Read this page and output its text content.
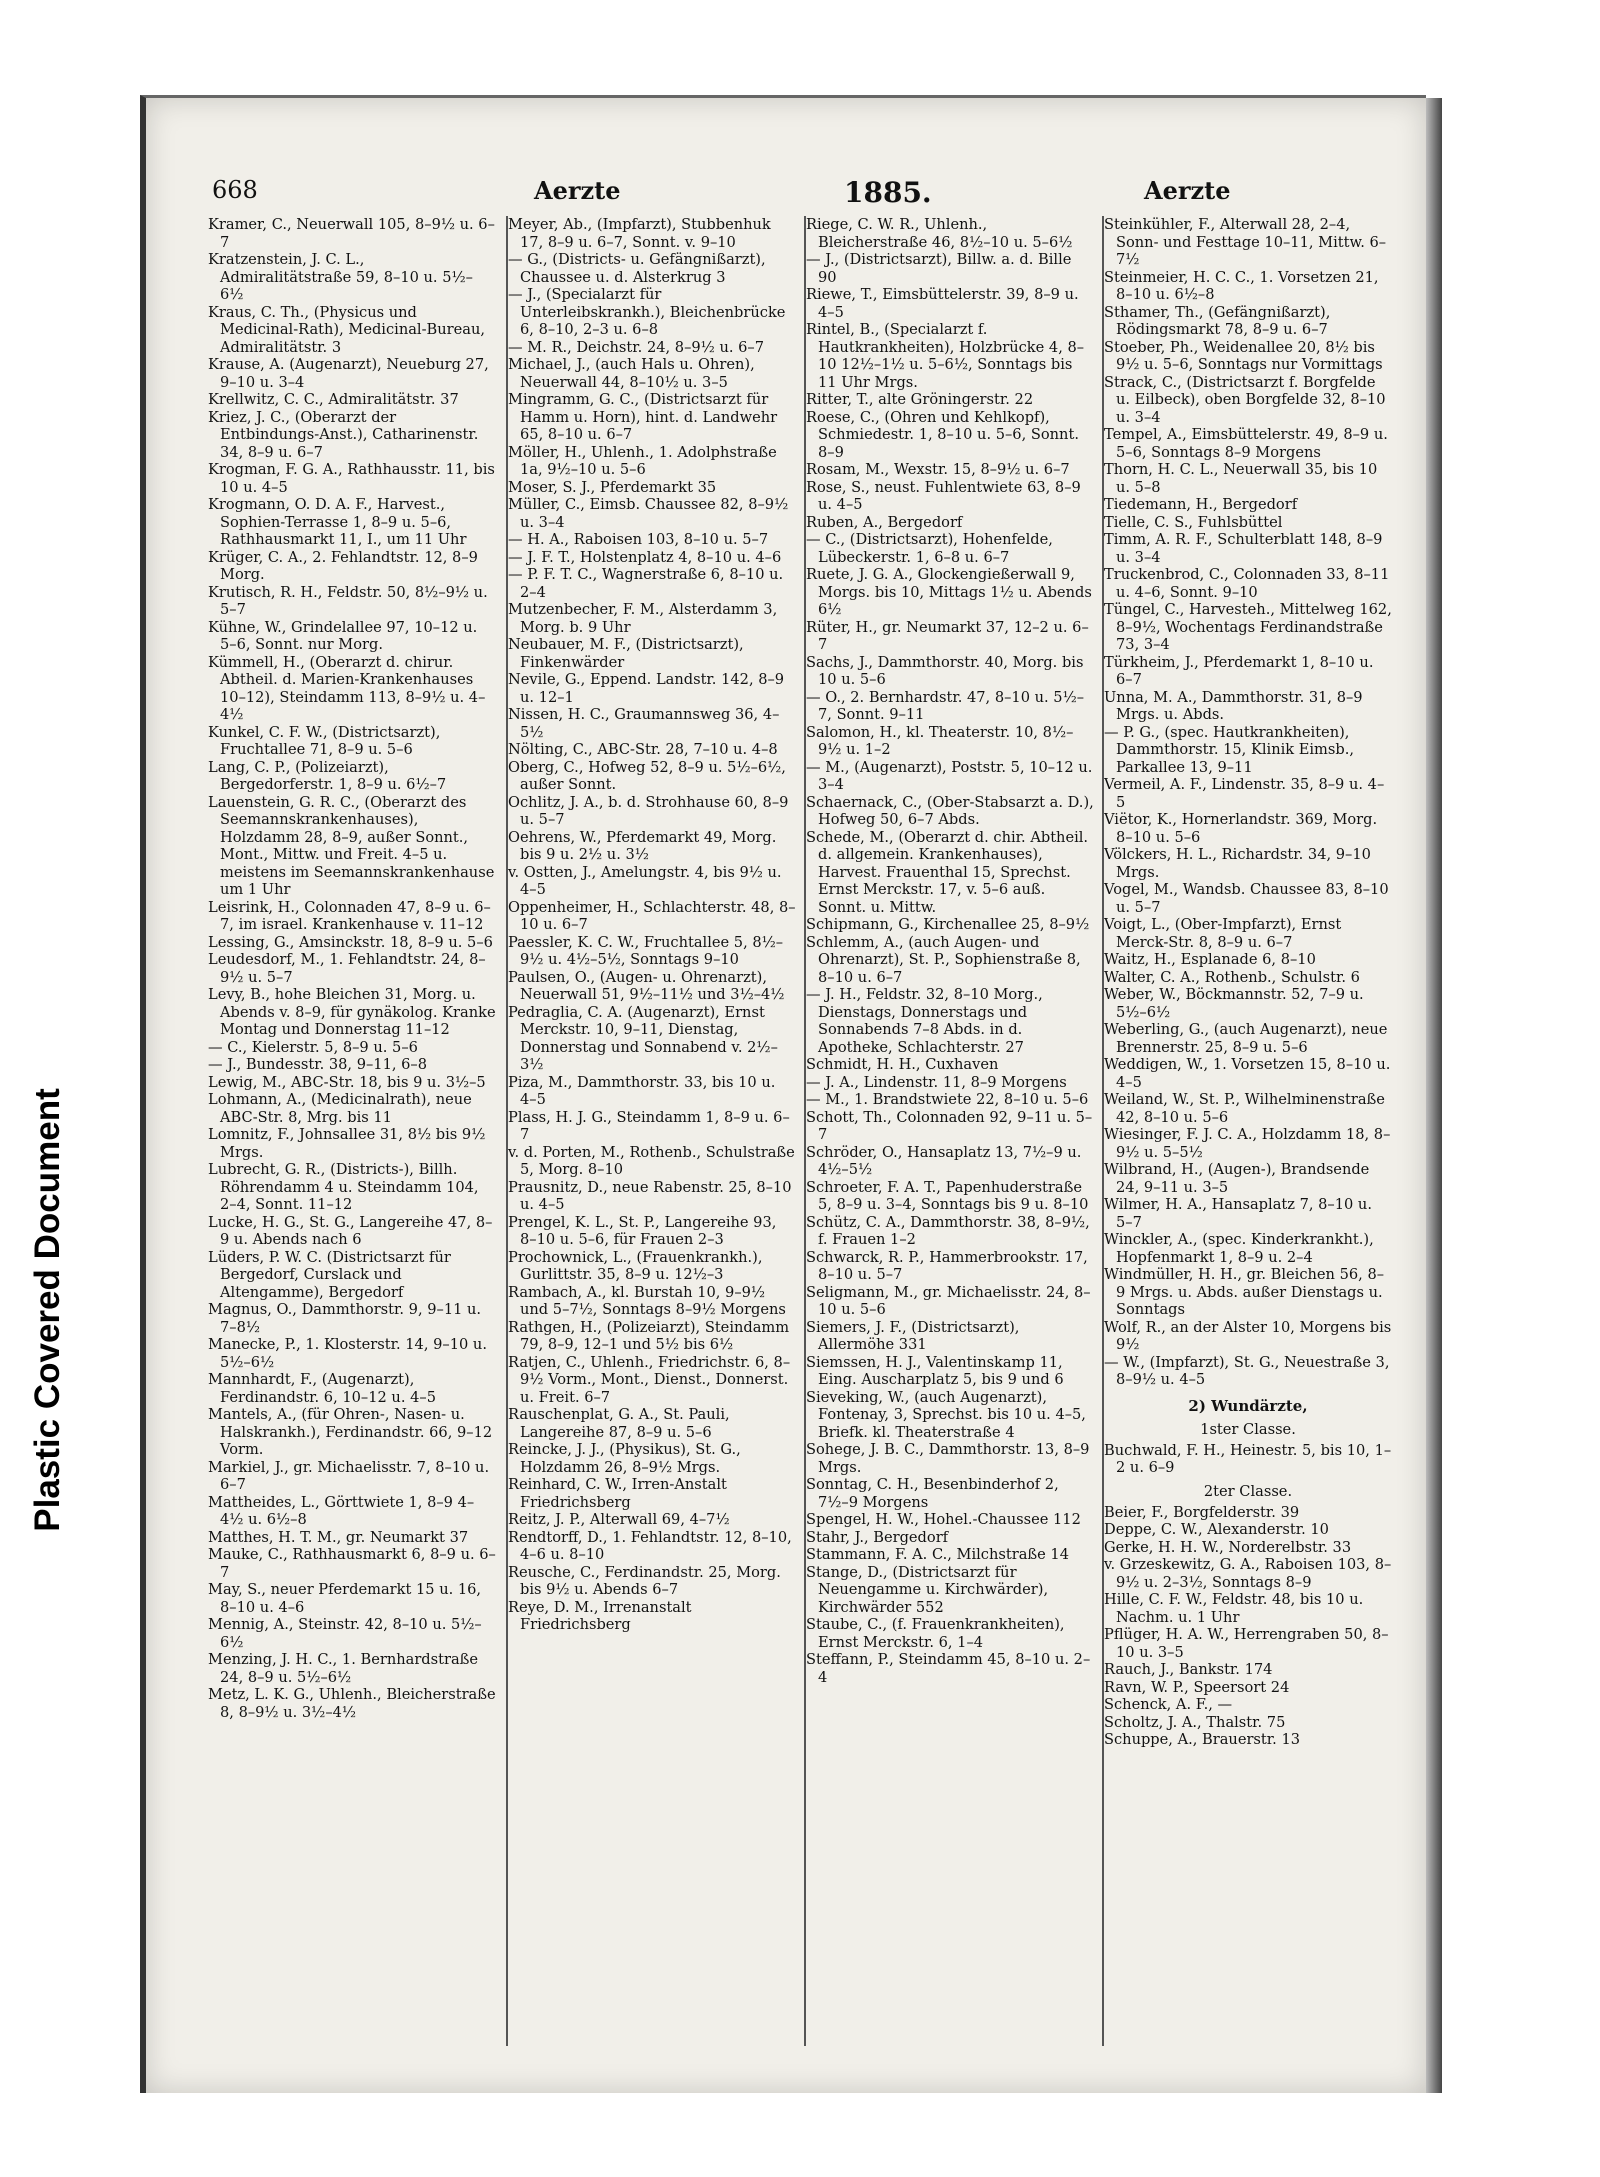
Plastic Covered Document
668	Aerzte	1885.	Aerzte

Kramer, C., Neuerwall 105, 8–9½ u. 6–7

Kratzenstein, J. C. L., Admiralitätstraße 59, 8–10 u. 5½–6½

Kraus, C. Th., (Physicus und Medicinal-Rath), Medicinal-Bureau, Admiralitätstr. 3

Krause, A. (Augenarzt), Neueburg 27, 9–10 u. 3–4

Krellwitz, C. C., Admiralitätstr. 37

Kriez, J. C., (Oberarzt der Entbindungs-Anst.), Catharinenstr. 34, 8–9 u. 6–7

Krogman, F. G. A., Rathhausstr. 11, bis 10 u. 4–5

Krogmann, O. D. A. F., Harvest., Sophien-Terrasse 1, 8–9 u. 5–6, Rathhausmarkt 11, I., um 11 Uhr

Krüger, C. A., 2. Fehlandtstr. 12, 8–9 Morg.

Krutisch, R. H., Feldstr. 50, 8½–9½ u. 5–7

Kühne, W., Grindelallee 97, 10–12 u. 5–6, Sonnt. nur Morg.

Kümmell, H., (Oberarzt d. chirur. Abtheil. d. Marien-Krankenhauses 10–12), Steindamm 113, 8–9½ u. 4–4½

Kunkel, C. F. W., (Districtsarzt), Fruchtallee 71, 8–9 u. 5–6

Lang, C. P., (Polizeiarzt), Bergedorferstr. 1, 8–9 u. 6½–7

Lauenstein, G. R. C., (Oberarzt des Seemannskrankenhauses), Holzdamm 28, 8–9, außer Sonnt., Mont., Mittw. und Freit. 4–5 u. meistens im Seemannskrankenhause um 1 Uhr

Leisrink, H., Colonnaden 47, 8–9 u. 6–7, im israel. Krankenhause v. 11–12

Lessing, G., Amsinckstr. 18, 8–9 u. 5–6

Leudesdorf, M., 1. Fehlandtstr. 24, 8–9½ u. 5–7

Levy, B., hohe Bleichen 31, Morg. u. Abends v. 8–9, für gynäkolog. Kranke Montag und Donnerstag 11–12

— C., Kielerstr. 5, 8–9 u. 5–6

— J., Bundesstr. 38, 9–11, 6–8

Lewig, M., ABC-Str. 18, bis 9 u. 3½–5

Lohmann, A., (Medicinalrath), neue ABC-Str. 8, Mrg. bis 11

Lomnitz, F., Johnsallee 31, 8½ bis 9½ Mrgs.

Lubrecht, G. R., (Districts-), Billh. Röhrendamm 4 u. Steindamm 104, 2–4, Sonnt. 11–12

Lucke, H. G., St. G., Langereihe 47, 8–9 u. Abends nach 6

Lüders, P. W. C. (Districtsarzt für Bergedorf, Curslack und Altengamme), Bergedorf

Magnus, O., Dammthorstr. 9, 9–11 u. 7–8½

Manecke, P., 1. Klosterstr. 14, 9–10 u. 5½–6½

Mannhardt, F., (Augenarzt), Ferdinandstr. 6, 10–12 u. 4–5

Mantels, A., (für Ohren-, Nasen- u. Halskrankh.), Ferdinandstr. 66, 9–12 Vorm.

Markiel, J., gr. Michaelisstr. 7, 8–10 u. 6–7

Mattheides, L., Görttwiete 1, 8–9 4–4½ u. 6½–8

Matthes, H. T. M., gr. Neumarkt 37

Mauke, C., Rathhausmarkt 6, 8–9 u. 6–7

May, S., neuer Pferdemarkt 15 u. 16, 8–10 u. 4–6

Mennig, A., Steinstr. 42, 8–10 u. 5½–6½

Menzing, J. H. C., 1. Bernhardstraße 24, 8–9 u. 5½–6½

Metz, L. K. G., Uhlenh., Bleicherstraße 8, 8–9½ u. 3½–4½

Meyer, Ab., (Impfarzt), Stubbenhuk 17, 8–9 u. 6–7, Sonnt. v. 9–10

— G., (Districts- u. Gefängnißarzt), Chaussee u. d. Alsterkrug 3

— J., (Specialarzt für Unterleibskrankh.), Bleichenbrücke 6, 8–10, 2–3 u. 6–8

— M. R., Deichstr. 24, 8–9½ u. 6–7

Michael, J., (auch Hals u. Ohren), Neuerwall 44, 8–10½ u. 3–5

Mingramm, G. C., (Districtsarzt für Hamm u. Horn), hint. d. Landwehr 65, 8–10 u. 6–7

Möller, H., Uhlenh., 1. Adolphstraße 1a, 9½–10 u. 5–6

Moser, S. J., Pferdemarkt 35

Müller, C., Eimsb. Chaussee 82, 8–9½ u. 3–4

— H. A., Raboisen 103, 8–10 u. 5–7

— J. F. T., Holstenplatz 4, 8–10 u. 4–6

— P. F. T. C., Wagnerstraße 6, 8–10 u. 2–4

Mutzenbecher, F. M., Alsterdamm 3, Morg. b. 9 Uhr

Neubauer, M. F., (Districtsarzt), Finkenwärder

Nevile, G., Eppend. Landstr. 142, 8–9 u. 12–1

Nissen, H. C., Graumannsweg 36, 4–5½

Nölting, C., ABC-Str. 28, 7–10 u. 4–8

Oberg, C., Hofweg 52, 8–9 u. 5½–6½, außer Sonnt.

Ochlitz, J. A., b. d. Strohhause 60, 8–9 u. 5–7

Oehrens, W., Pferdemarkt 49, Morg. bis 9 u. 2½ u. 3½

v. Ostten, J., Amelungstr. 4, bis 9½ u. 4–5

Oppenheimer, H., Schlachterstr. 48, 8–10 u. 6–7

Paessler, K. C. W., Fruchtallee 5, 8½–9½ u. 4½–5½, Sonntags 9–10

Paulsen, O., (Augen- u. Ohrenarzt), Neuerwall 51, 9½–11½ und 3½–4½

Pedraglia, C. A. (Augenarzt), Ernst Merckstr. 10, 9–11, Dienstag, Donnerstag und Sonnabend v. 2½–3½

Piza, M., Dammthorstr. 33, bis 10 u. 4–5

Plass, H. J. G., Steindamm 1, 8–9 u. 6–7

v. d. Porten, M., Rothenb., Schulstraße 5, Morg. 8–10

Prausnitz, D., neue Rabenstr. 25, 8–10 u. 4–5

Prengel, K. L., St. P., Langereihe 93, 8–10 u. 5–6, für Frauen 2–3

Prochownick, L., (Frauenkrankh.), Gurlittstr. 35, 8–9 u. 12½–3

Rambach, A., kl. Burstah 10, 9–9½ und 5–7½, Sonntags 8–9½ Morgens

Rathgen, H., (Polizeiarzt), Steindamm 79, 8–9, 12–1 und 5½ bis 6½

Ratjen, C., Uhlenh., Friedrichstr. 6, 8–9½ Vorm., Mont., Dienst., Donnerst. u. Freit. 6–7

Rauschenplat, G. A., St. Pauli, Langereihe 87, 8–9 u. 5–6

Reincke, J. J., (Physikus), St. G., Holzdamm 26, 8–9½ Mrgs.

Reinhard, C. W., Irren-Anstalt Friedrichsberg

Reitz, J. P., Alterwall 69, 4–7½

Rendtorff, D., 1. Fehlandtstr. 12, 8–10, 4–6 u. 8–10

Reusche, C., Ferdinandstr. 25, Morg. bis 9½ u. Abends 6–7

Reye, D. M., Irrenanstalt Friedrichsberg

Riege, C. W. R., Uhlenh., Bleicherstraße 46, 8½–10 u. 5–6½

— J., (Districtsarzt), Billw. a. d. Bille 90

Riewe, T., Eimsbüttelerstr. 39, 8–9 u. 4–5

Rintel, B., (Specialarzt f. Hautkrankheiten), Holzbrücke 4, 8–10 12½–1½ u. 5–6½, Sonntags bis 11 Uhr Mrgs.

Ritter, T., alte Gröningerstr. 22

Roese, C., (Ohren und Kehlkopf), Schmiedestr. 1, 8–10 u. 5–6, Sonnt. 8–9

Rosam, M., Wexstr. 15, 8–9½ u. 6–7

Rose, S., neust. Fuhlentwiete 63, 8–9 u. 4–5

Ruben, A., Bergedorf

— C., (Districtsarzt), Hohenfelde, Lübeckerstr. 1, 6–8 u. 6–7

Ruete, J. G. A., Glockengießerwall 9, Morgs. bis 10, Mittags 1½ u. Abends 6½

Rüter, H., gr. Neumarkt 37, 12–2 u. 6–7

Sachs, J., Dammthorstr. 40, Morg. bis 10 u. 5–6

— O., 2. Bernhardstr. 47, 8–10 u. 5½–7, Sonnt. 9–11

Salomon, H., kl. Theaterstr. 10, 8½–9½ u. 1–2

— M., (Augenarzt), Poststr. 5, 10–12 u. 3–4

Schaernack, C., (Ober-Stabsarzt a. D.), Hofweg 50, 6–7 Abds.

Schede, M., (Oberarzt d. chir. Abtheil. d. allgemein. Krankenhauses), Harvest. Frauenthal 15, Sprechst. Ernst Merckstr. 17, v. 5–6 auß. Sonnt. u. Mittw.

Schipmann, G., Kirchenallee 25, 8–9½

Schlemm, A., (auch Augen- und Ohrenarzt), St. P., Sophienstraße 8, 8–10 u. 6–7

— J. H., Feldstr. 32, 8–10 Morg., Dienstags, Donnerstags und Sonnabends 7–8 Abds. in d. Apotheke, Schlachterstr. 27

Schmidt, H. H., Cuxhaven

— J. A., Lindenstr. 11, 8–9 Morgens

— M., 1. Brandstwiete 22, 8–10 u. 5–6

Schott, Th., Colonnaden 92, 9–11 u. 5–7

Schröder, O., Hansaplatz 13, 7½–9 u. 4½–5½

Schroeter, F. A. T., Papenhuderstraße 5, 8–9 u. 3–4, Sonntags bis 9 u. 8–10

Schütz, C. A., Dammthorstr. 38, 8–9½, f. Frauen 1–2

Schwarck, R. P., Hammerbrookstr. 17, 8–10 u. 5–7

Seligmann, M., gr. Michaelisstr. 24, 8–10 u. 5–6

Siemers, J. F., (Districtsarzt), Allermöhe 331

Siemssen, H. J., Valentinskamp 11, Eing. Auscharplatz 5, bis 9 und 6

Sieveking, W., (auch Augenarzt), Fontenay, 3, Sprechst. bis 10 u. 4–5, Briefk. kl. Theaterstraße 4

Sohege, J. B. C., Dammthorstr. 13, 8–9 Mrgs.

Sonntag, C. H., Besenbinderhof 2, 7½–9 Morgens

Spengel, H. W., Hohel.-Chaussee 112

Stahr, J., Bergedorf

Stammann, F. A. C., Milchstraße 14

Stange, D., (Districtsarzt für Neuengamme u. Kirchwärder), Kirchwärder 552

Staube, C., (f. Frauenkrankheiten), Ernst Merckstr. 6, 1–4

Steffann, P., Steindamm 45, 8–10 u. 2–4

Steinkühler, F., Alterwall 28, 2–4, Sonn- und Festtage 10–11, Mittw. 6–7½

Steinmeier, H. C. C., 1. Vorsetzen 21, 8–10 u. 6½–8

Sthamer, Th., (Gefängnißarzt), Rödingsmarkt 78, 8–9 u. 6–7

Stoeber, Ph., Weidenallee 20, 8½ bis 9½ u. 5–6, Sonntags nur Vormittags

Strack, C., (Districtsarzt f. Borgfelde u. Eilbeck), oben Borgfelde 32, 8–10 u. 3–4

Tempel, A., Eimsbüttelerstr. 49, 8–9 u. 5–6, Sonntags 8–9 Morgens

Thorn, H. C. L., Neuerwall 35, bis 10 u. 5–8

Tiedemann, H., Bergedorf

Tielle, C. S., Fuhlsbüttel

Timm, A. R. F., Schulterblatt 148, 8–9 u. 3–4

Truckenbrod, C., Colonnaden 33, 8–11 u. 4–6, Sonnt. 9–10

Tüngel, C., Harvesteh., Mittelweg 162, 8–9½, Wochentags Ferdinandstraße 73, 3–4

Türkheim, J., Pferdemarkt 1, 8–10 u. 6–7

Unna, M. A., Dammthorstr. 31, 8–9 Mrgs. u. Abds.

— P. G., (spec. Hautkrankheiten), Dammthorstr. 15, Klinik Eimsb., Parkallee 13, 9–11

Vermeil, A. F., Lindenstr. 35, 8–9 u. 4–5

Viëtor, K., Hornerlandstr. 369, Morg. 8–10 u. 5–6

Völckers, H. L., Richardstr. 34, 9–10 Mrgs.

Vogel, M., Wandsb. Chaussee 83, 8–10 u. 5–7

Voigt, L., (Ober-Impfarzt), Ernst Merck-Str. 8, 8–9 u. 6–7

Waitz, H., Esplanade 6, 8–10

Walter, C. A., Rothenb., Schulstr. 6

Weber, W., Böckmannstr. 52, 7–9 u. 5½–6½

Weberling, G., (auch Augenarzt), neue Brennerstr. 25, 8–9 u. 5–6

Weddigen, W., 1. Vorsetzen 15, 8–10 u. 4–5

Weiland, W., St. P., Wilhelminenstraße 42, 8–10 u. 5–6

Wiesinger, F. J. C. A., Holzdamm 18, 8–9½ u. 5–5½

Wilbrand, H., (Augen-), Brandsende 24, 9–11 u. 3–5

Wilmer, H. A., Hansaplatz 7, 8–10 u. 5–7

Winckler, A., (spec. Kinderkrankht.), Hopfenmarkt 1, 8–9 u. 2–4

Windmüller, H. H., gr. Bleichen 56, 8–9 Mrgs. u. Abds. außer Dienstags u. Sonntags

Wolf, R., an der Alster 10, Morgens bis 9½

— W., (Impfarzt), St. G., Neuestraße 3, 8–9½ u. 4–5

2) Wundärzte,
1ster Classe.

Buchwald, F. H., Heinestr. 5, bis 10, 1–2 u. 6–9

2ter Classe.

Beier, F., Borgfelderstr. 39

Deppe, C. W., Alexanderstr. 10

Gerke, H. H. W., Norderelbstr. 33

v. Grzeskewitz, G. A., Raboisen 103, 8–9½ u. 2–3½, Sonntags 8–9

Hille, C. F. W., Feldstr. 48, bis 10 u. Nachm. u. 1 Uhr

Pflüger, H. A. W., Herrengraben 50, 8–10 u. 3–5

Rauch, J., Bankstr. 174

Ravn, W. P., Speersort 24

Schenck, A. F., —

Scholtz, J. A., Thalstr. 75

Schuppe, A., Brauerstr. 13
